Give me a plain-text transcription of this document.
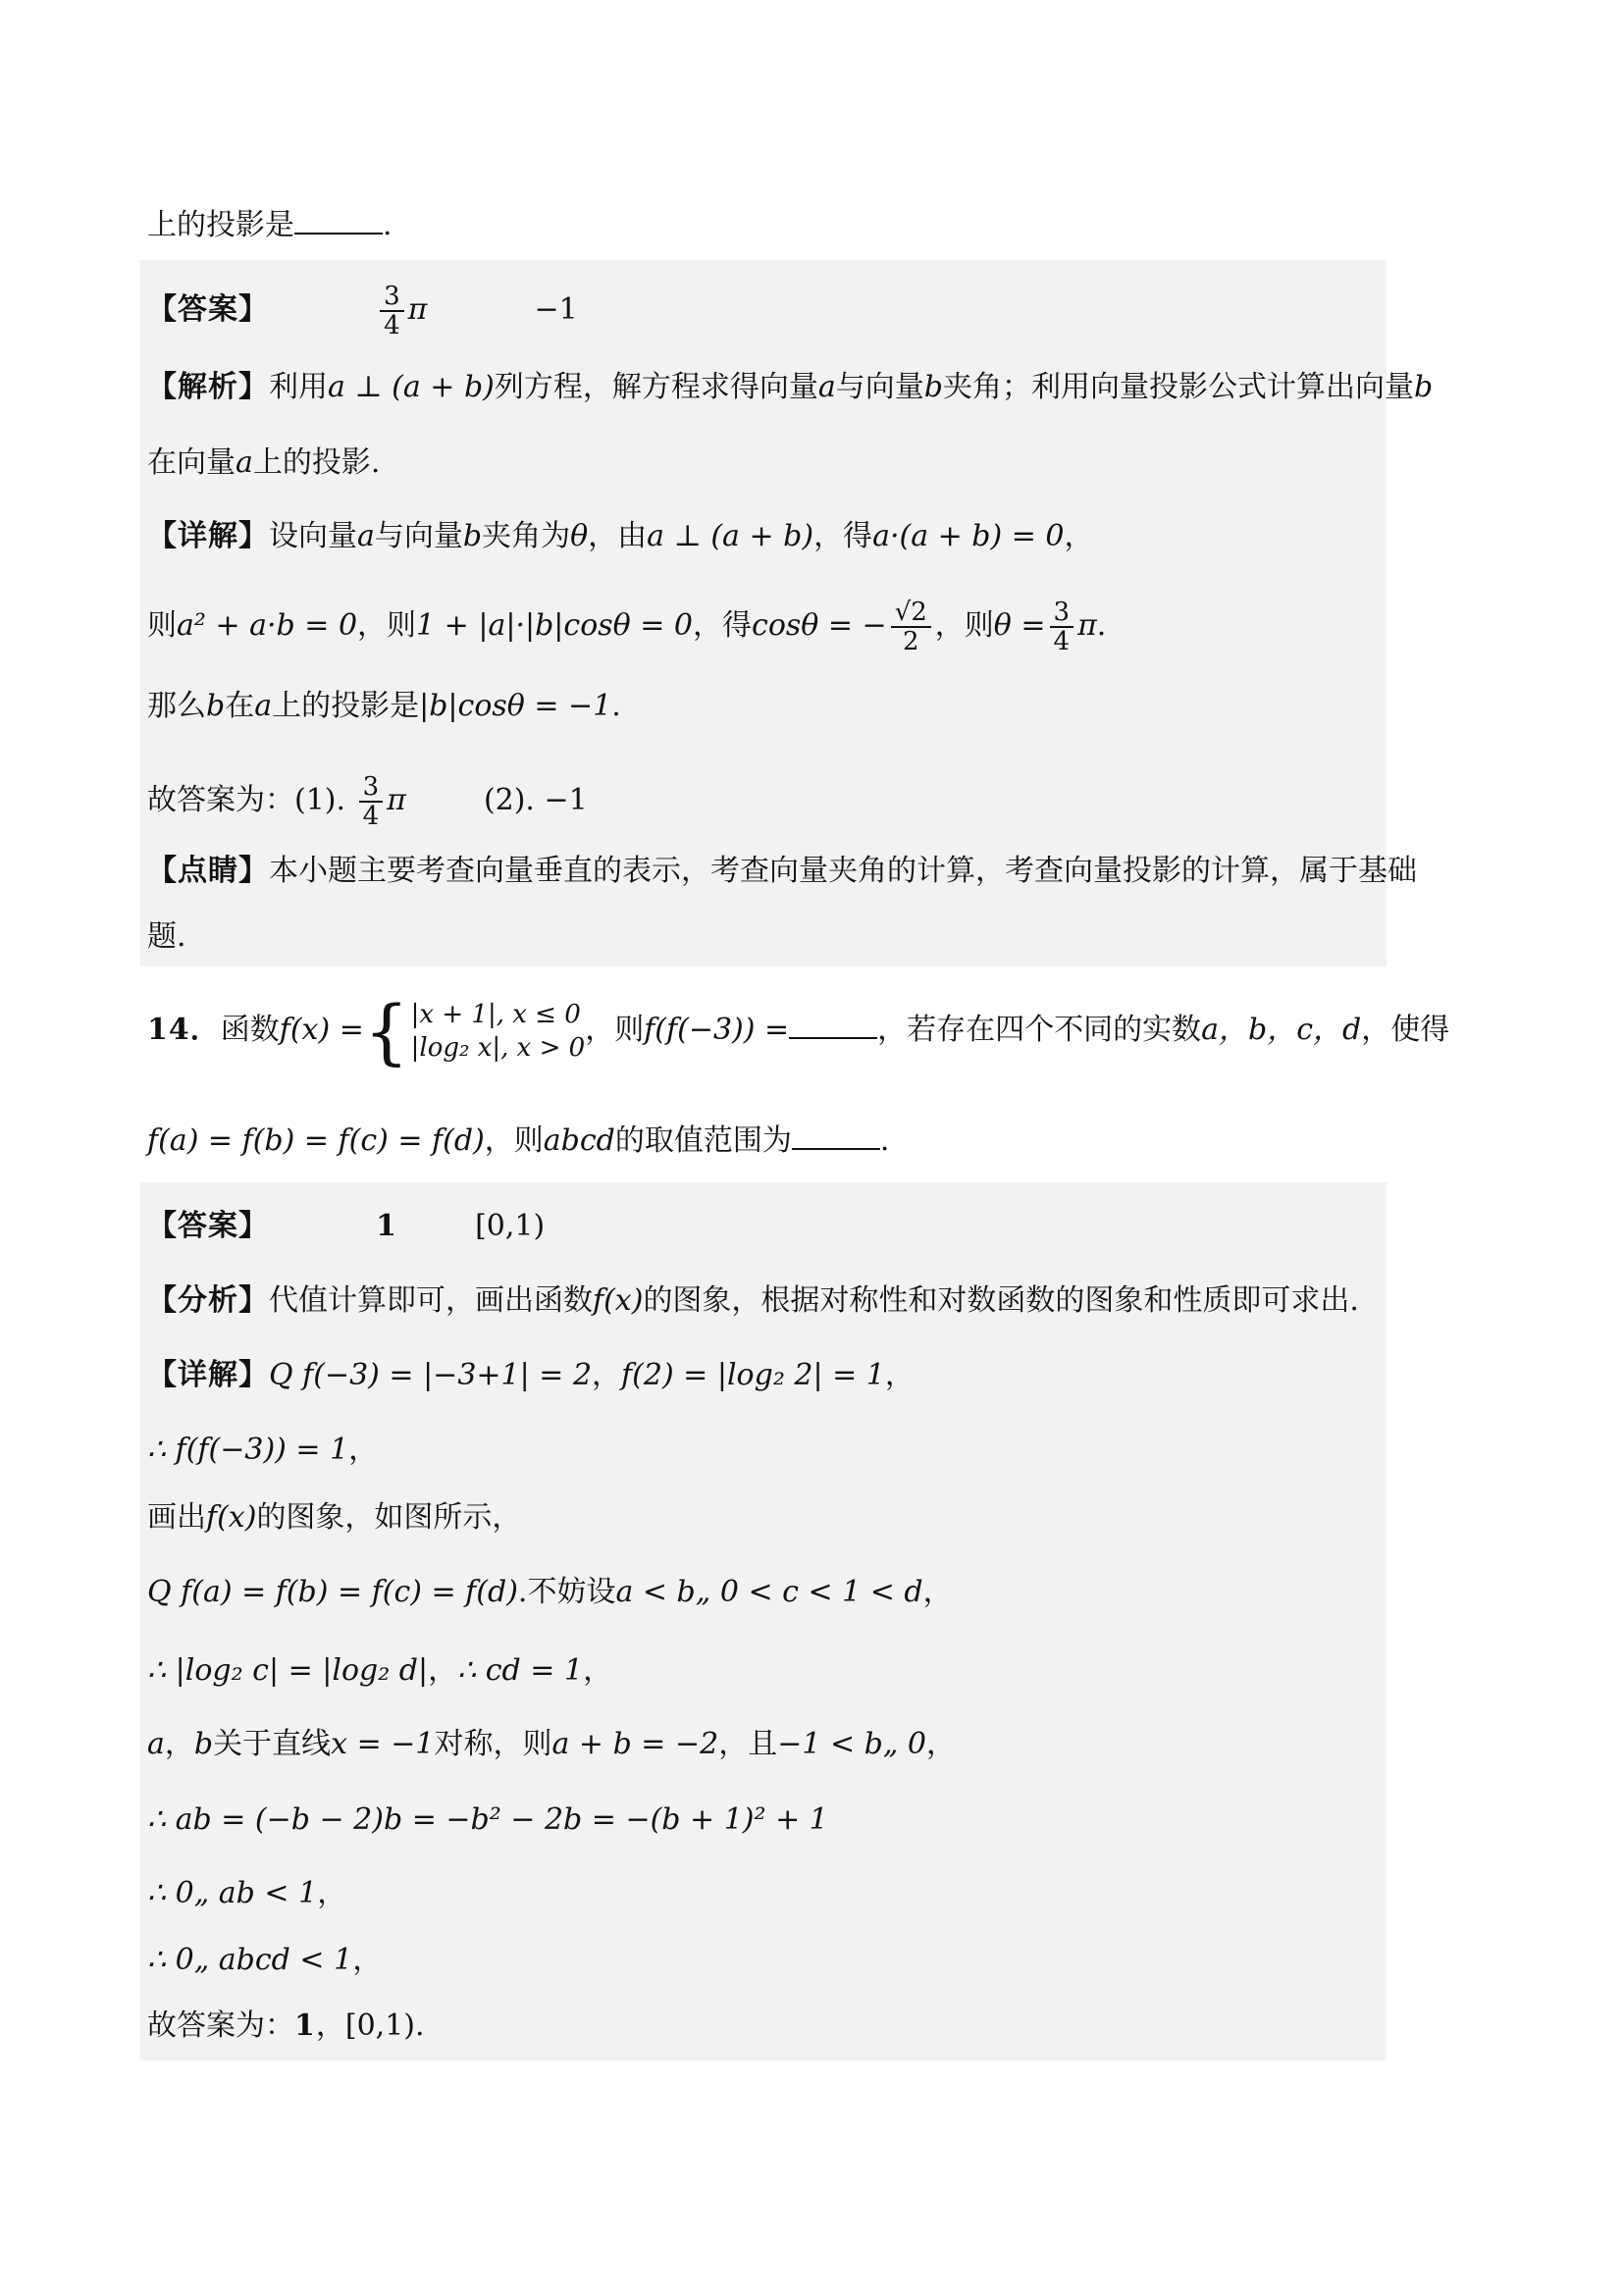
上的投影是	.
【答案】	$\frac{3}{4}$ π	−1
【解析】利用a ⊥ (a + b)列方程，解方程求得向量a与向量b夹角；利用向量投影公式计算出向量b
在向量a上的投影.
【详解】设向量a与向量b夹角为θ，由a ⊥ (a + b)，得a·(a + b) = 0，
则a² + a·b = 0，则1 + |a|·|b|cosθ = 0，得cosθ = − $\frac{√2}{2}$ ，则$\theta = \frac{3}{4} \pi$.
那么b在a上的投影是|b|cosθ = −1.
故答案为：(1). $\frac{3}{4}$ π	(2). −1
【点睛】本小题主要考查向量垂直的表示，考查向量夹角的计算，考查向量投影的计算，属于基础
题.
14．函数f(x) ={ |x + 1|, x ≤ 0
|log₂ x|, x > 0
，则f(f(−3)) =	，若存在四个不同的实数a，b，c，d，使得
f(a) = f(b) = f(c) = f(d)，则abcd的取值范围为	.
【答案】	1	[0,1)
【分析】代值计算即可，画出函数f(x)的图象，根据对称性和对数函数的图象和性质即可求出.
【详解】Q f(−3) = |−3+1| = 2，f(2) = |log₂ 2| = 1，
∴ f(f(−3)) = 1，
画出f(x)的图象，如图所示，
Q f(a) = f(b) = f(c) = f(d).不妨设a < b„ 0 < c < 1 < d，
∴ |log₂ c| = |log₂ d|，∴ cd = 1，
a，b关于直线x = −1对称，则a + b = −2，且−1 < b„ 0，
∴ ab = (−b − 2)b = −b² − 2b = −(b + 1)² + 1
∴ 0„ ab < 1，
∴ 0„ abcd < 1，
故答案为：1，[0,1).
